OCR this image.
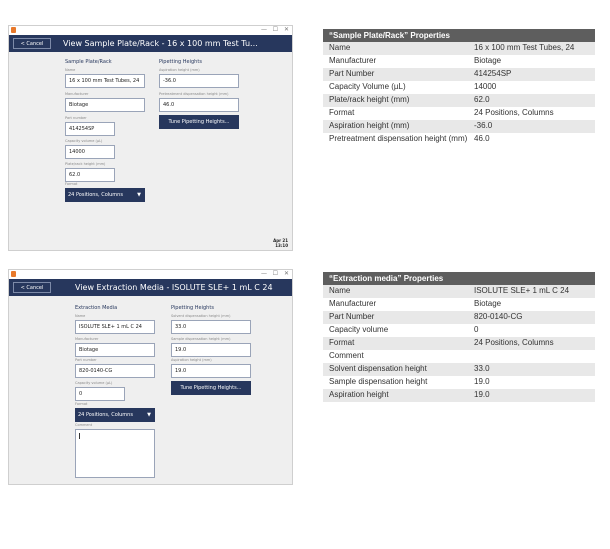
— ☐ ✕
< Cancel	View Sample Plate/Rack - 16 x 100 mm Test Tu...
Sample Plate/Rack	Pipetting Heights
Name
16 x 100 mm Test Tubes, 24
Manufacturer
Biotage
Part number
414254SP
Capacity volume (µL)
14000
Plate/rack height (mm)
62.0
Format
24 Positions, Columns	▼
Aspiration height (mm)
-36.0
Pretreatment dispensation height (mm)
46.0
Tune Pipetting Heights...
Apr 21
13:10
— ☐ ✕
< Cancel	View Extraction Media - ISOLUTE SLE+ 1 mL C 24
Extraction Media	Pipetting Heights
Name
ISOLUTE SLE+ 1 mL C 24
Manufacturer
Biotage
Part number
820-0140-CG
Capacity volume (µL)
0
Format
24 Positions, Columns	▼
Comment
Solvent dispensation height (mm)
33.0
Sample dispensation height (mm)
19.0
Aspiration height (mm)
19.0
Tune Pipetting Heights...
“Sample Plate/Rack” Properties	
Name	16 x 100 mm Test Tubes, 24
Manufacturer	Biotage
Part Number	414254SP
Capacity Volume (µL)	14000
Plate/rack height (mm)	62.0
Format	24 Positions, Columns
Aspiration height (mm)	-36.0
Pretreatment dispensation height (mm)	46.0
“Extraction media” Properties	
Name	ISOLUTE SLE+ 1 mL C 24
Manufacturer	Biotage
Part Number	820-0140-CG
Capacity volume	0
Format	24 Positions, Columns
Comment	
Solvent dispensation height	33.0
Sample dispensation height	19.0
Aspiration height	19.0
